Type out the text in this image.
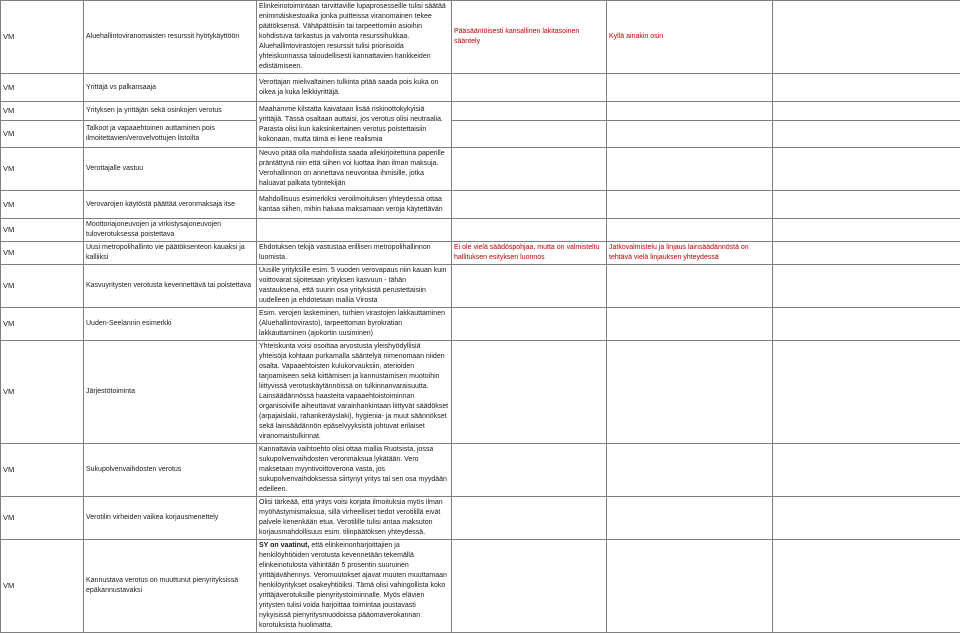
VM	Aluehallintoviranomaisten resurssit hyötykäyttöön	Elinkeinotoimintaan tarvittaville lupaprosesseille tulisi säätää enimmäiskestoaika jonka puitteissa viranomainen tekee päätöksensä. Vähäpätöisiin tai tarpeettomiin asioihin kohdistuva tarkastus ja valvonta resurssihukkaa. Aluehallintovirastojen resurssit tulisi priorisoida yhteiskunnassa taloudellisesti kannattavien hankkeiden edistämiseen.	Pääsääntöisesti kansallinen lakitasoinen sääntely	Kyllä ainakin osin	
VM	Yrittäjä vs palkansaaja	Verottajan mielivaltainen tulkinta pitää saada pois kuka on oikea ja kuka leikkiyrittäjä.			
VM	Yrityksen ja yrittäjän sekä osinkojen verotus	Maahamme kilstatta kaivataan lisää riskinottokykyisiä yrittäjiä. Tässä osaltaan auttaisi, jos verotus olisi neutraalia. Parasta olisi kun kaksinkertainen verotus poistettaisiin kokonaan, mutta tämä ei liene realismia			
VM	Talkoot ja vapaaehtoinen auttaminen pois ilmoitettavien/verovelvottujen listoilta				
VM	Verottajalle vastuu	Neuvo pitää olla mahdollista saada allekirjoitettuna paperille präntättynä niin että siihen voi luottaa ihan ilman maksuja. Verohallinnon on annettava neuvontaa ihmisille, jotka haluavat palkata työntekijän			
VM	Verovarojen käytöstä päättää veronmaksaja itse	Mahdollisuus esimerkiksi veroilmoituksen yhteydessä ottaa kantaa siihen, mihin haluaa maksamaan veroja käytettävän			
VM	Moottoriajoneuvojen ja virkistysajoneuvojen tuloverotuksessa poistettava				
VM	Uusi metropolihallinto vie päätöksenteon kauaksi ja kalliiksi	Ehdotuksen tekijä vastustaa erillisen metropolihallinnon luomista.	Ei ole vielä säädöspohjaa, mutta on valmisteltu hallituksen esityksen luonnos	Jatkovalmistelu ja linjaus lainsäädännöstä on tehtävä vielä linjauksen yhteydessä	
VM	Kasvuyritysten verotusta kevennettävä tai poistettava	Uusille yrityksille esim. 5 vuoden verovapaus niin kauan kuin voittovarat sijoitetaan yrityksen kasvuun - tähän vastauksena, että suurin osa yrityksistä perustettaisiin uudelleen ja ehdotetaan mallia Virosta			
VM	Uuden-Seelannin esimerkki	Esim. verojen laskeminen, turhien virastojen lakkauttaminen (Aluehallintovirasto), tarpeettoman byrokratian lakkauttaminen (ajokortin uusiminen)			
VM	Järjestötoiminta	Yhteiskunta voisi osoittaa arvostusta yleishyödyllisiä yhteisöjä kohtaan purkamalla sääntelyä nimenomaan niiden osalta. Vapaaehtoisten kulukorvauksiin, aterioiden tarjoamiseen sekä kiittämisen ja kannustamisen muotoihin liittyvissä verotuskäytännöissä on tulkinnanvaraisuutta. Lainsäädännössä haasteita vapaaehtoistoiminnan organisoiville aiheuttavat varainhankintaan liittyvät säädökset (arpajaislaki, rahankeräyslaki), hygienia- ja muut säännökset sekä lainsäädännön epäselvyyksistä johtuvat erilaiset viranomaistulkinnat.			
VM	Sukupolvenvaihdosten verotus	Kannattavia vaihtoehto olisi ottaa mallia Ruotsista, jossa sukupolvenvaihdosten veronmaksua lykätään. Vero maksetaan myyntivoittoverona vasta, jos sukupolvenvaihdoksessa siirtynyt yritys tai sen osa myydään edelleen.			
VM	Verotilin virheiden vaikea korjausmenettely	Olisi tärkeää, että yritys voisi korjata ilmoituksia myös ilman myöhästymismaksua, sillä virheelliset tiedot verotilillä eivät palvele kenenkään etua. Verotilille tulisi antaa maksuton korjausmahdollisuus esim. tilinpäätöksen yhteydessä.			
VM	Kannustava verotus on muuttunut pienyrityksissä epäkannustavaksi	SY on vaatinut, että elinkeinonharjoittajien ja henkilöyhtiöiden verotusta kevennetään tekemällä elinkeinotulosta vähintään 5 prosentin suuruinen yrittäjävähennys. Veromuutokset ajavat muuten muuttamaan henkilöyritykset osakeyhtiöiksi. Tämä olisi vahingollista koko yrittäjäverotuksille pienyritystoiminnalle. Myös elävien yritysten tulisi voida harjoittaa toimintaa joustavasti nykyisissä pienyritysmuodoissa pääomaverokannan korotuksista huolimatta.			
